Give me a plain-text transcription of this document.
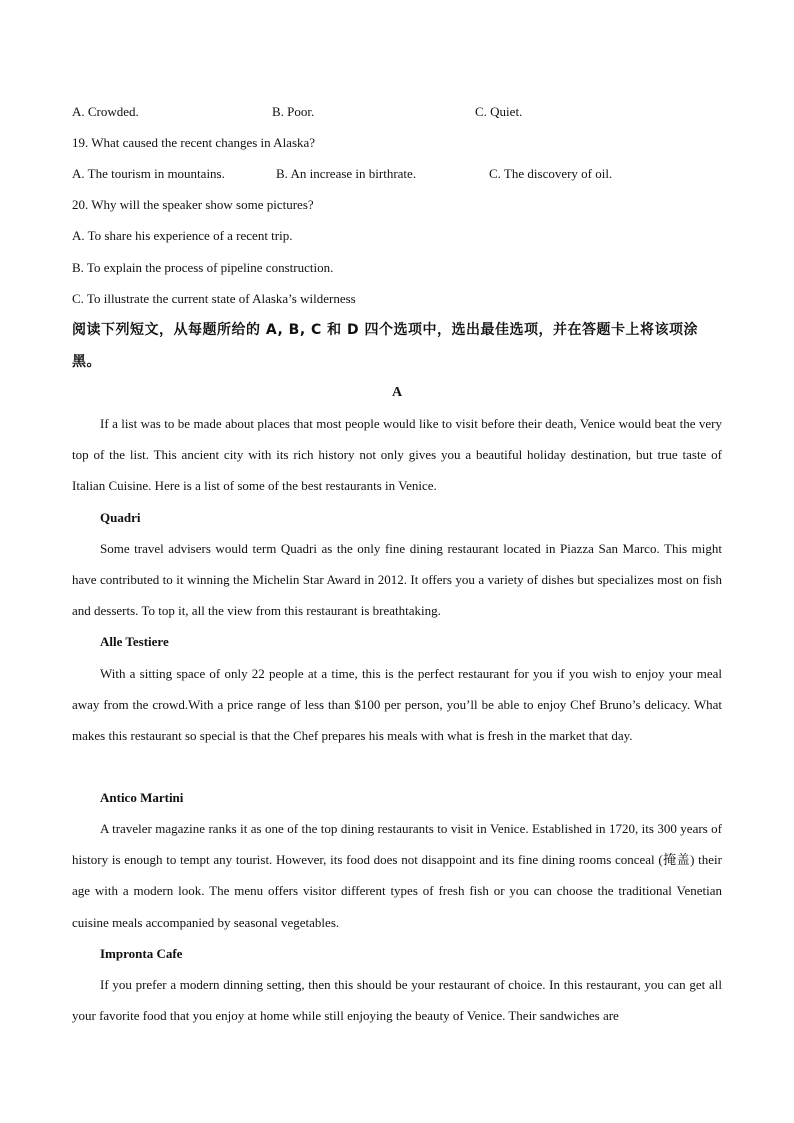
A. Crowded.	B. Poor.	C. Quiet.
19. What caused the recent changes in Alaska?
A. The tourism in mountains.	B. An increase in birthrate.	C. The discovery of oil.
20. Why will the speaker show some pictures?
A. To share his experience of a recent trip.
B. To explain the process of pipeline construction.
C. To illustrate the current state of Alaska’s wilderness
阅读下列短文，从每题所给的 A, B, C 和 D 四个选项中，选出最佳选项，并在答题卡上将该项涂黑。
A
If a list was to be made about places that most people would like to visit before their death, Venice would beat the very top of the list. This ancient city with its rich history not only gives you a beautiful holiday destination, but true taste of Italian Cuisine. Here is a list of some of the best restaurants in Venice.
Quadri
Some travel advisers would term Quadri as the only fine dining restaurant located in Piazza San Marco. This might have contributed to it winning the Michelin Star Award in 2012. It offers you a variety of dishes but specializes most on fish and desserts. To top it, all the view from this restaurant is breathtaking.
Alle Testiere
With a sitting space of only 22 people at a time, this is the perfect restaurant for you if you wish to enjoy your meal away from the crowd.With a price range of less than $100 per person, you’ll be able to enjoy Chef Bruno’s delicacy. What makes this restaurant so special is that the Chef prepares his meals with what is fresh in the market that day.
Antico Martini
A traveler magazine ranks it as one of the top dining restaurants to visit in Venice. Established in 1720, its 300 years of history is enough to tempt any tourist. However, its food does not disappoint and its fine dining rooms conceal (掩盖) their age with a modern look. The menu offers visitor different types of fresh fish or you can choose the traditional Venetian cuisine meals accompanied by seasonal vegetables.
Impronta Cafe
If you prefer a modern dinning setting, then this should be your restaurant of choice. In this restaurant, you can get all your favorite food that you enjoy at home while still enjoying the beauty of Venice. Their sandwiches are
